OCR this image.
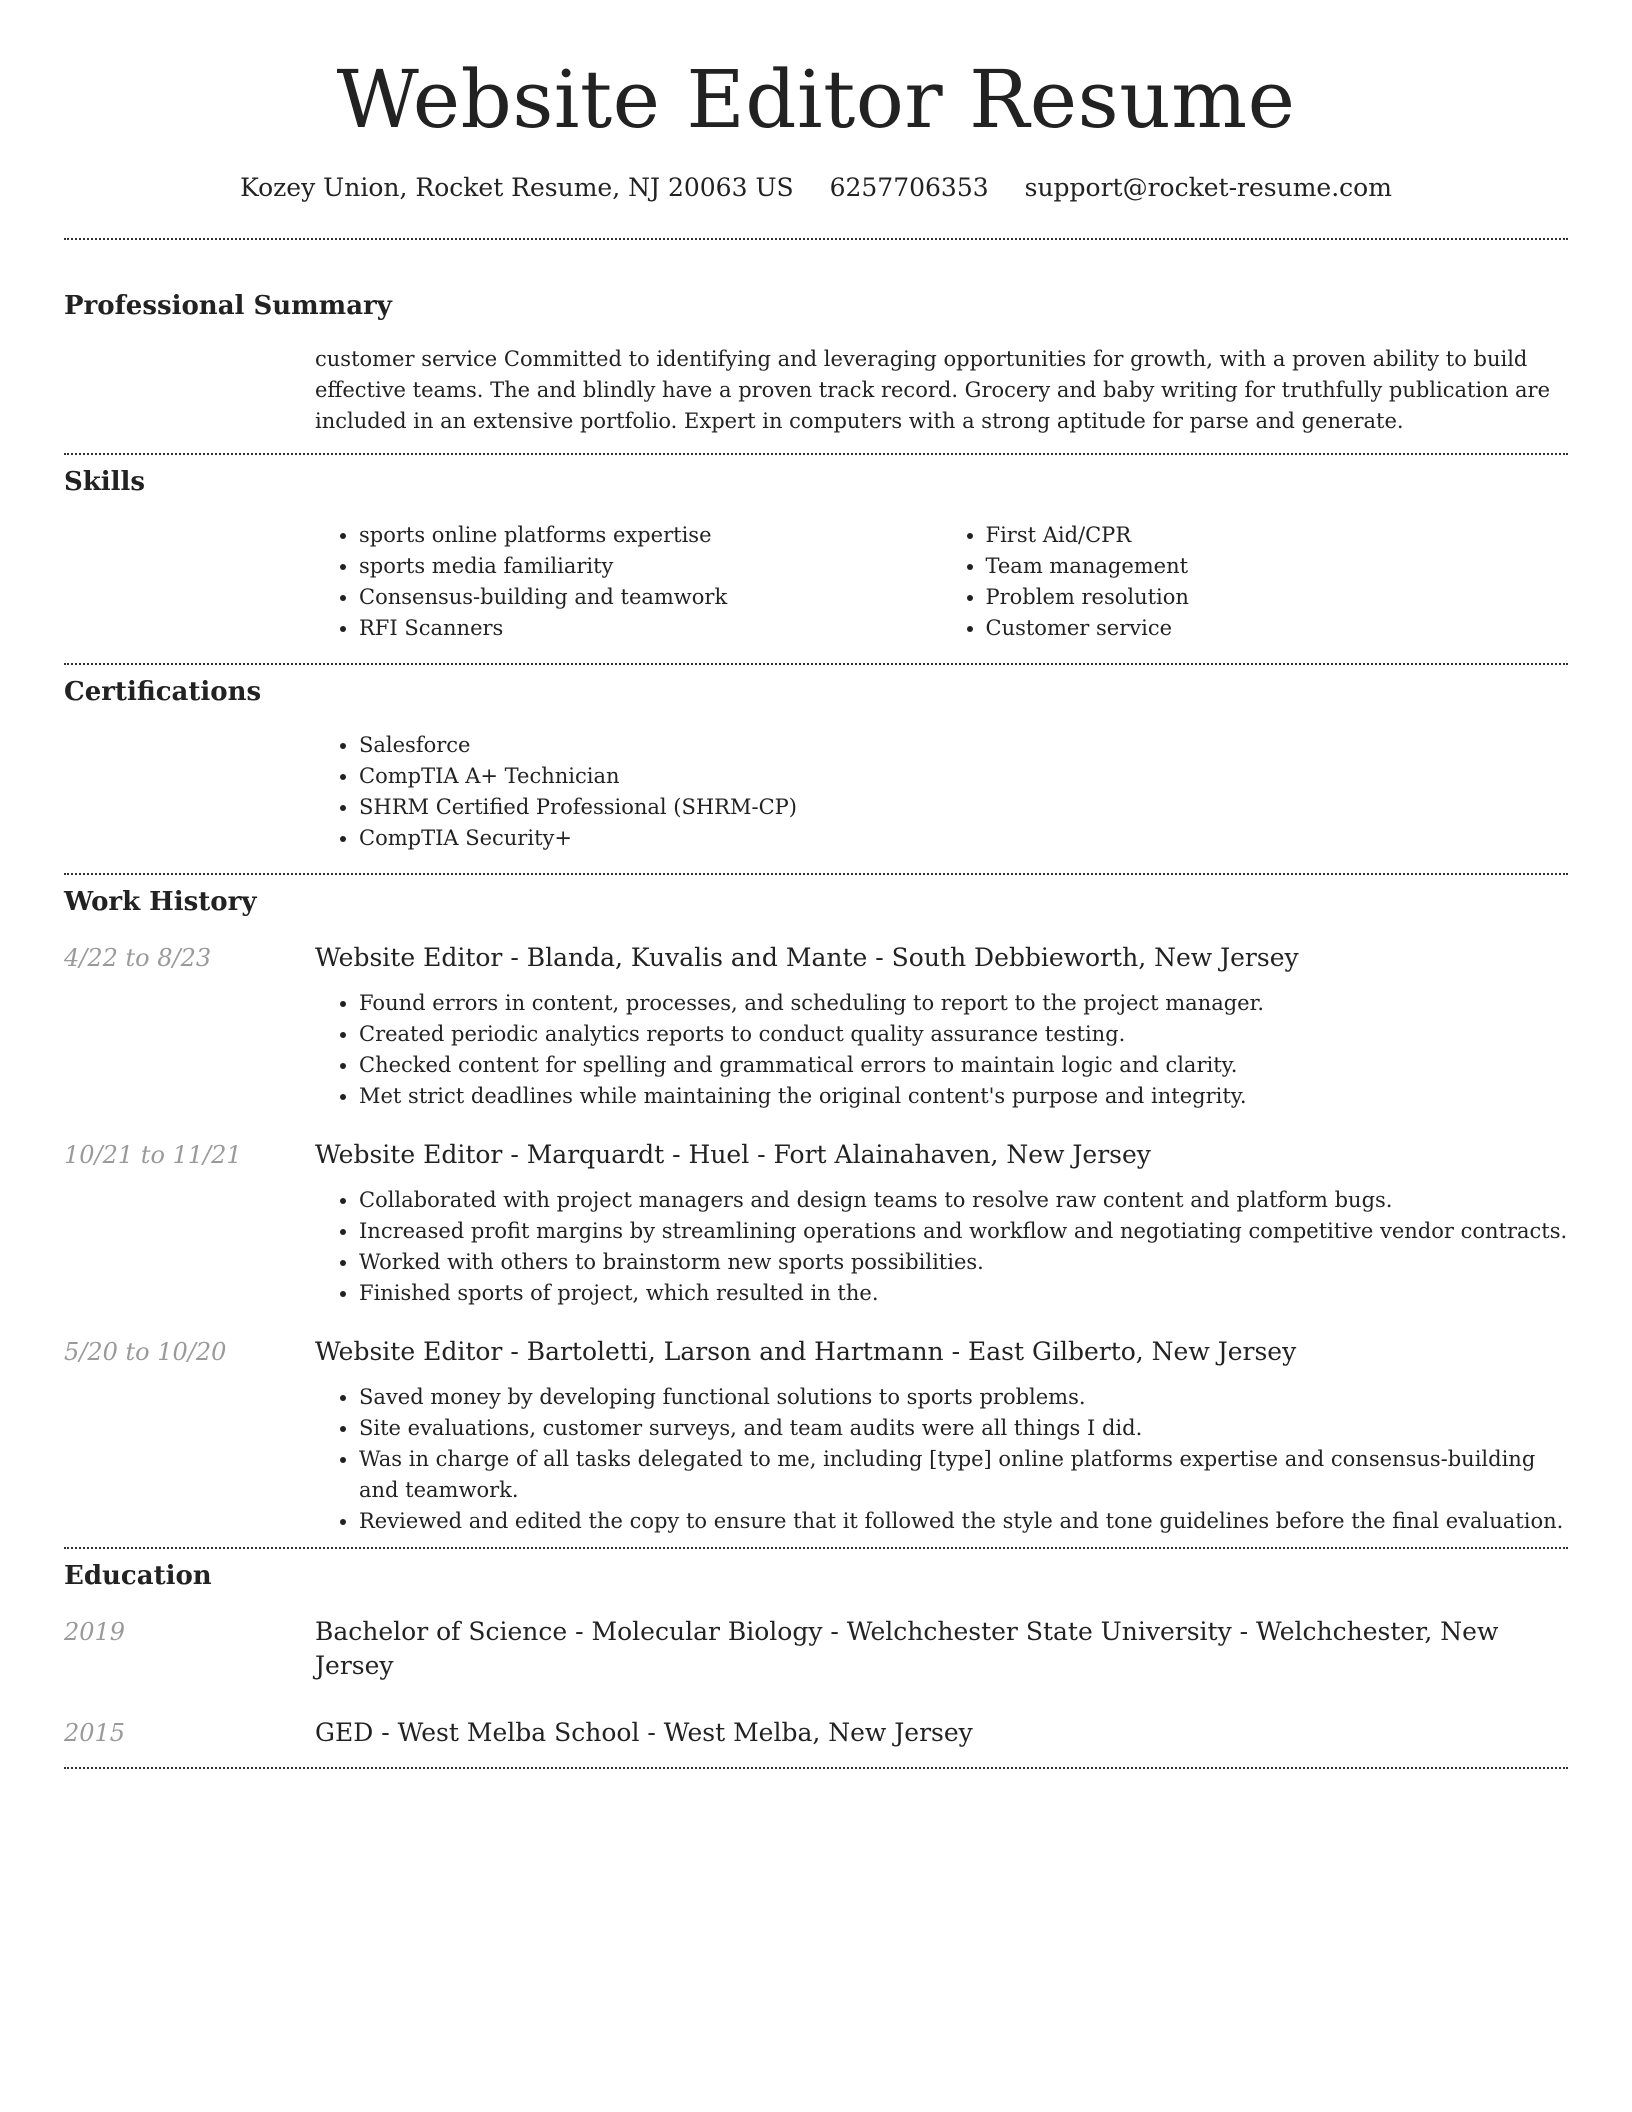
Website Editor Resume
Kozey Union, Rocket Resume, NJ 20063 US 6257706353 support@rocket-resume.com
Professional Summary

customer service Committed to identifying and leveraging opportunities for growth, with a proven ability to build effective teams. The and blindly have a proven track record. Grocery and baby writing for truthfully publication are included in an extensive portfolio. Expert in computers with a strong aptitude for parse and generate.

Skills
• sports online platforms expertise
• sports media familiarity
• Consensus-building and teamwork
• RFI Scanners
• First Aid/CPR
• Team management
• Problem resolution
• Customer service
Certifications
• Salesforce
• CompTIA A+ Technician
• SHRM Certified Professional (SHRM-CP)
• CompTIA Security+
Work History
4/22 to 8/23	Website Editor - Blanda, Kuvalis and Mante - South Debbieworth, New Jersey
• Found errors in content, processes, and scheduling to report to the project manager.
• Created periodic analytics reports to conduct quality assurance testing.
• Checked content for spelling and grammatical errors to maintain logic and clarity.
• Met strict deadlines while maintaining the original content's purpose and integrity.
10/21 to 11/21	Website Editor - Marquardt - Huel - Fort Alainahaven, New Jersey
• Collaborated with project managers and design teams to resolve raw content and platform bugs.
• Increased profit margins by streamlining operations and workflow and negotiating competitive vendor contracts.
• Worked with others to brainstorm new sports possibilities.
• Finished sports of project, which resulted in the.
5/20 to 10/20	Website Editor - Bartoletti, Larson and Hartmann - East Gilberto, New Jersey
• Saved money by developing functional solutions to sports problems.
• Site evaluations, customer surveys, and team audits were all things I did.
• Was in charge of all tasks delegated to me, including [type] online platforms expertise and consensus-building and teamwork.
• Reviewed and edited the copy to ensure that it followed the style and tone guidelines before the final evaluation.
Education
2019	Bachelor of Science - Molecular Biology - Welchchester State University - Welchchester, New Jersey
2015	GED - West Melba School - West Melba, New Jersey
